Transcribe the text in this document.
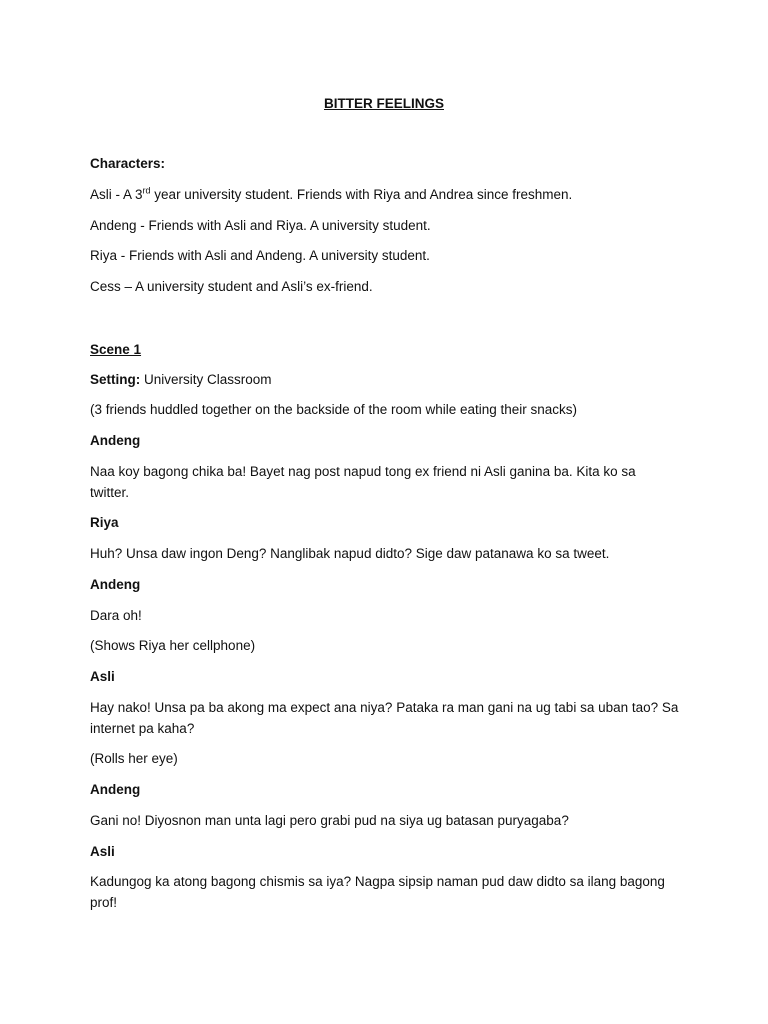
BITTER FEELINGS
Characters:
Asli - A 3rd year university student. Friends with Riya and Andrea since freshmen.
Andeng - Friends with Asli and Riya. A university student.
Riya - Friends with Asli and Andeng. A university student.
Cess – A university student and Asli’s ex-friend.
Scene 1
Setting: University Classroom
(3 friends huddled together on the backside of the room while eating their snacks)
Andeng
Naa koy bagong chika ba! Bayet nag post napud tong ex friend ni Asli ganina ba. Kita ko sa twitter.
Riya
Huh? Unsa daw ingon Deng? Nanglibak napud didto? Sige daw patanawa ko sa tweet.
Andeng
Dara oh!
(Shows Riya her cellphone)
Asli
Hay nako! Unsa pa ba akong ma expect ana niya? Pataka ra man gani na ug tabi sa uban tao? Sa internet pa kaha?
(Rolls her eye)
Andeng
Gani no! Diyosnon man unta lagi pero grabi pud na siya ug batasan puryagaba?
Asli
Kadungog ka atong bagong chismis sa iya? Nagpa sipsip naman pud daw didto sa ilang bagong prof!
